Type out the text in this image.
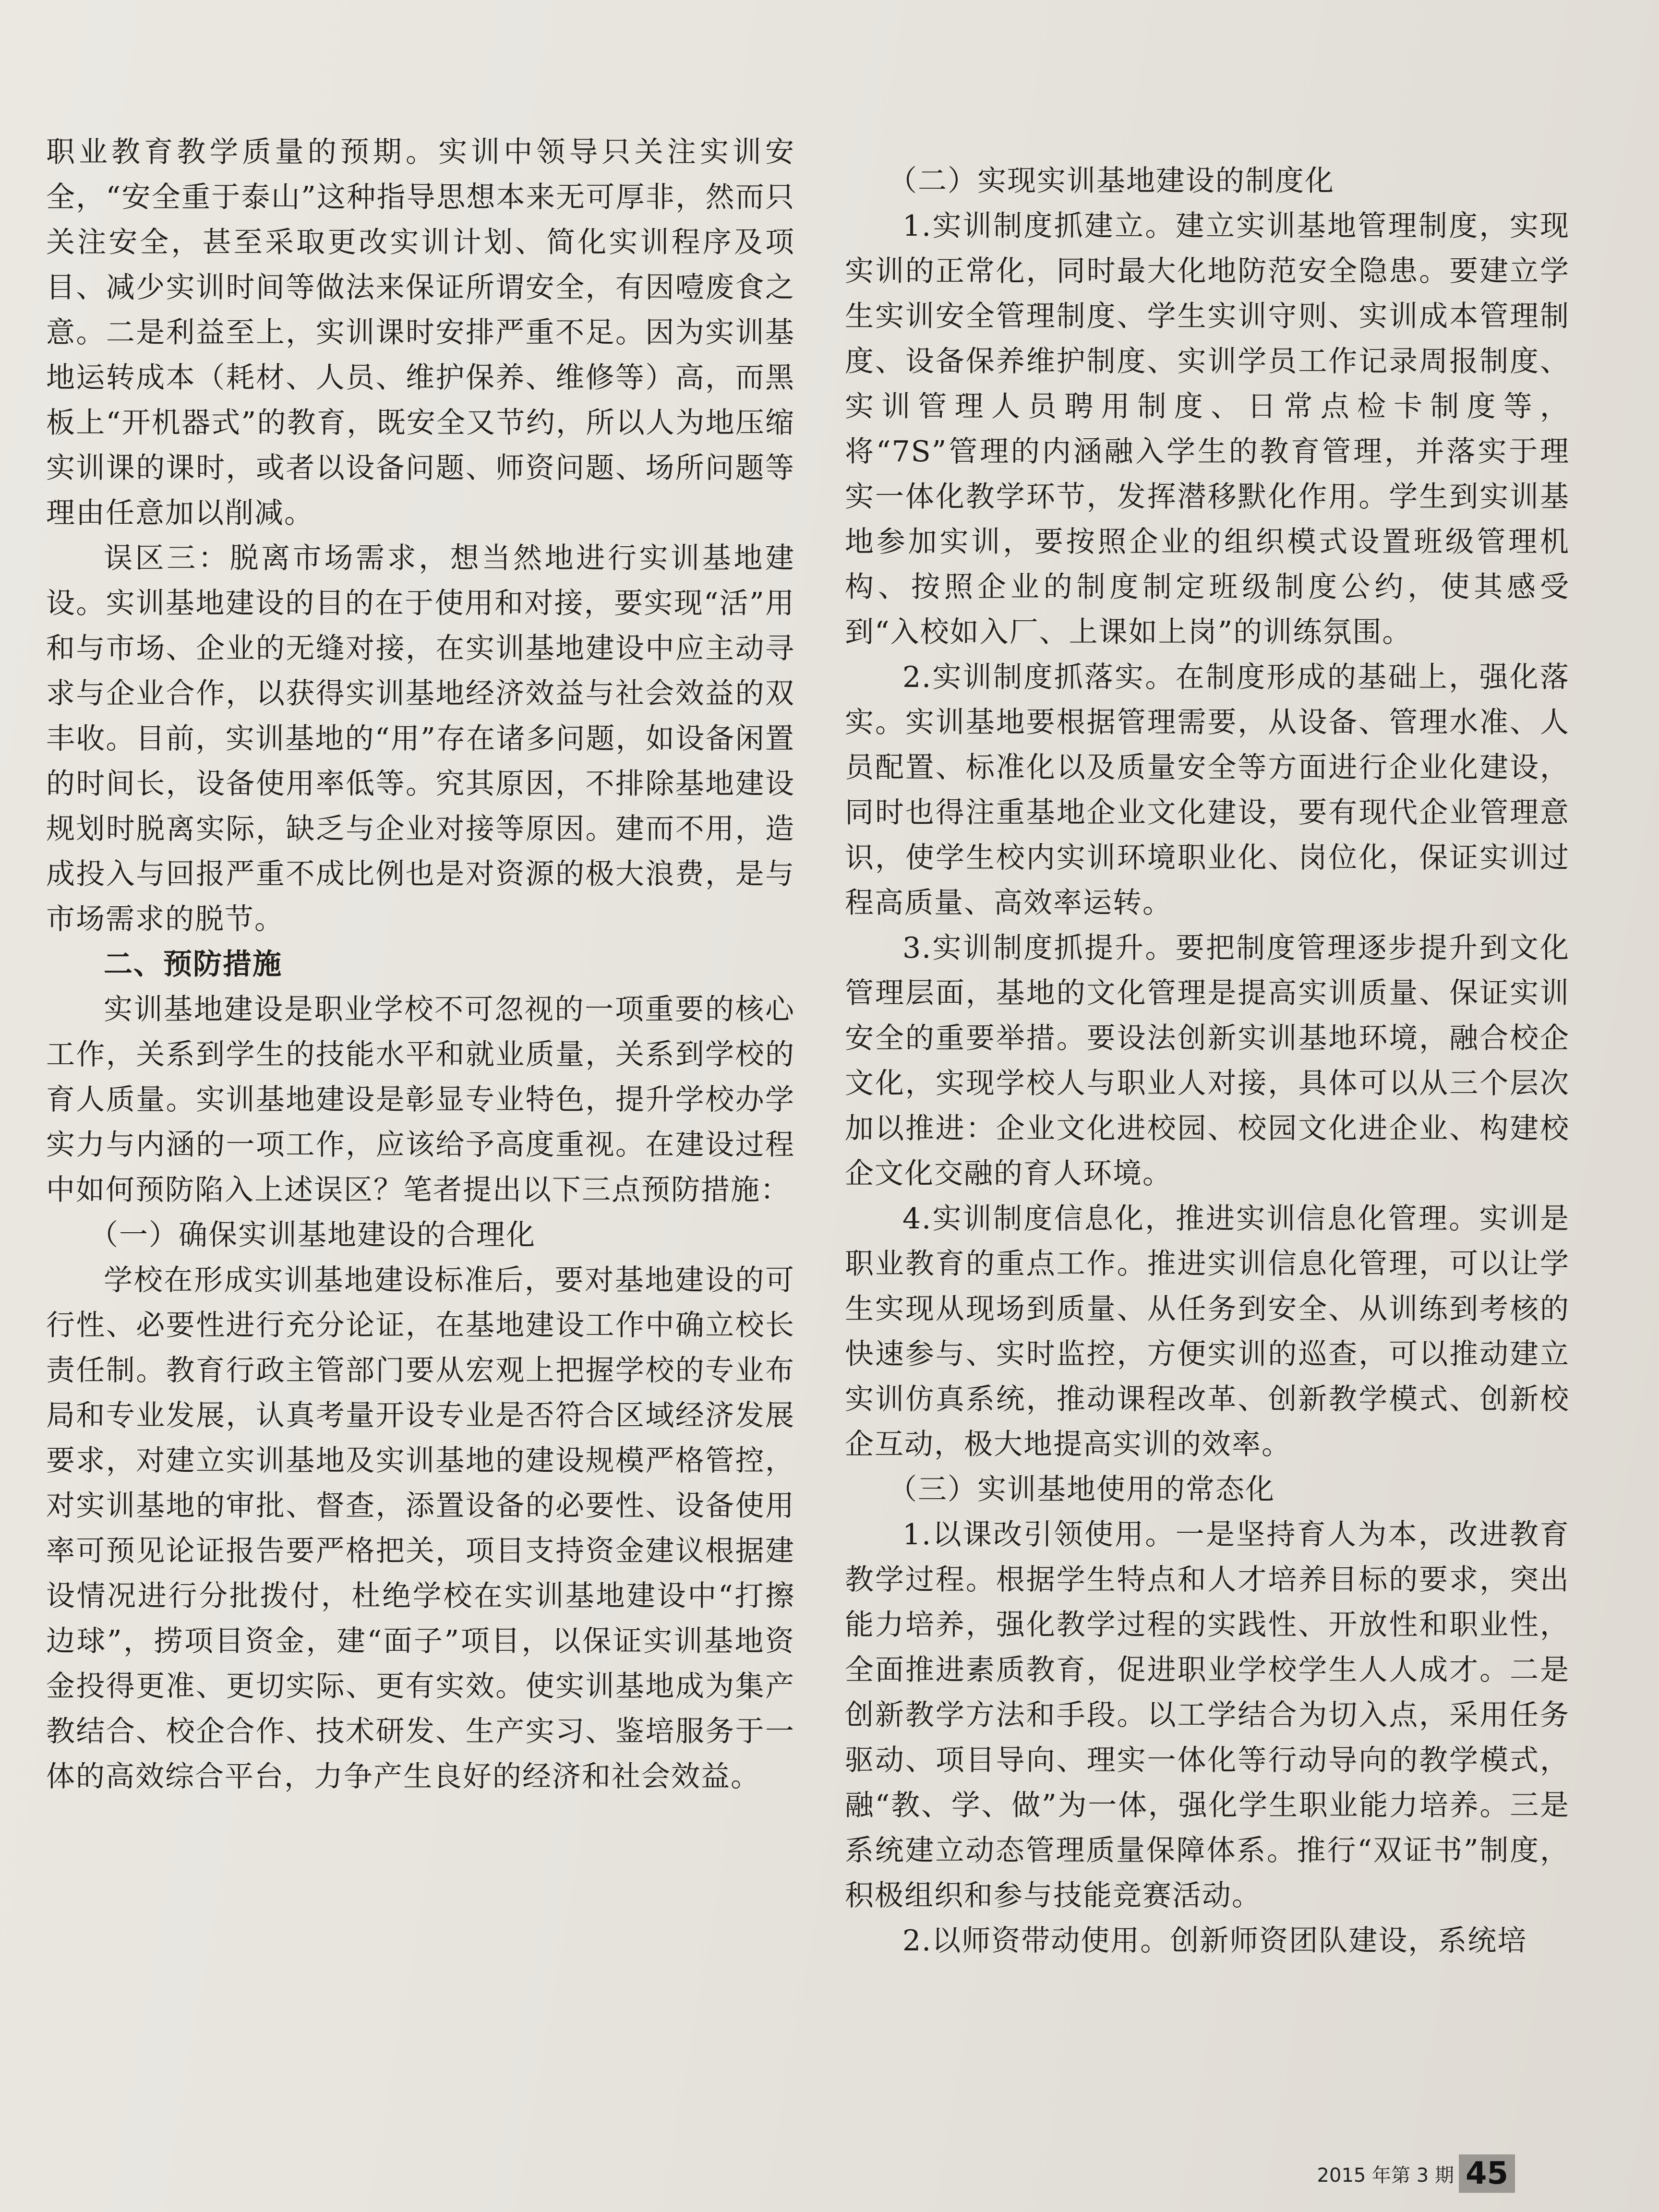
职业教育教学质量的预期。实训中领导只关注实训安全，“安全重于泰山”这种指导思想本来无可厚非，然而只关注安全，甚至采取更改实训计划、简化实训程序及项目、减少实训时间等做法来保证所谓安全，有因噎废食之意。二是利益至上，实训课时安排严重不足。因为实训基地运转成本（耗材、人员、维护保养、维修等）高，而黑板上“开机器式”的教育，既安全又节约，所以人为地压缩实训课的课时，或者以设备问题、师资问题、场所问题等理由任意加以削减。

误区三：脱离市场需求，想当然地进行实训基地建设。实训基地建设的目的在于使用和对接，要实现“活”用和与市场、企业的无缝对接，在实训基地建设中应主动寻求与企业合作，以获得实训基地经济效益与社会效益的双丰收。目前，实训基地的“用”存在诸多问题，如设备闲置的时间长，设备使用率低等。究其原因，不排除基地建设规划时脱离实际，缺乏与企业对接等原因。建而不用，造成投入与回报严重不成比例也是对资源的极大浪费，是与市场需求的脱节。

二、预防措施

实训基地建设是职业学校不可忽视的一项重要的核心工作，关系到学生的技能水平和就业质量，关系到学校的育人质量。实训基地建设是彰显专业特色，提升学校办学实力与内涵的一项工作，应该给予高度重视。在建设过程中如何预防陷入上述误区？笔者提出以下三点预防措施：

（一）确保实训基地建设的合理化

学校在形成实训基地建设标准后，要对基地建设的可行性、必要性进行充分论证，在基地建设工作中确立校长责任制。教育行政主管部门要从宏观上把握学校的专业布局和专业发展，认真考量开设专业是否符合区域经济发展要求，对建立实训基地及实训基地的建设规模严格管控，对实训基地的审批、督查，添置设备的必要性、设备使用率可预见论证报告要严格把关，项目支持资金建议根据建设情况进行分批拨付，杜绝学校在实训基地建设中“打擦边球”，捞项目资金，建“面子”项目，以保证实训基地资金投得更准、更切实际、更有实效。使实训基地成为集产教结合、校企合作、技术研发、生产实习、鉴培服务于一体的高效综合平台，力争产生良好的经济和社会效益。

（二）实现实训基地建设的制度化

1.实训制度抓建立。建立实训基地管理制度，实现实训的正常化，同时最大化地防范安全隐患。要建立学生实训安全管理制度、学生实训守则、实训成本管理制度、设备保养维护制度、实训学员工作记录周报制度、实训管理人员聘用制度、日常点检卡制度等，将“7S”管理的内涵融入学生的教育管理，并落实于理实一体化教学环节，发挥潜移默化作用。学生到实训基地参加实训，要按照企业的组织模式设置班级管理机构、按照企业的制度制定班级制度公约，使其感受到“入校如入厂、上课如上岗”的训练氛围。

2.实训制度抓落实。在制度形成的基础上，强化落实。实训基地要根据管理需要，从设备、管理水准、人员配置、标准化以及质量安全等方面进行企业化建设，同时也得注重基地企业文化建设，要有现代企业管理意识，使学生校内实训环境职业化、岗位化，保证实训过程高质量、高效率运转。

3.实训制度抓提升。要把制度管理逐步提升到文化管理层面，基地的文化管理是提高实训质量、保证实训安全的重要举措。要设法创新实训基地环境，融合校企文化，实现学校人与职业人对接，具体可以从三个层次加以推进：企业文化进校园、校园文化进企业、构建校企文化交融的育人环境。

4.实训制度信息化，推进实训信息化管理。实训是职业教育的重点工作。推进实训信息化管理，可以让学生实现从现场到质量、从任务到安全、从训练到考核的快速参与、实时监控，方便实训的巡查，可以推动建立实训仿真系统，推动课程改革、创新教学模式、创新校企互动，极大地提高实训的效率。

（三）实训基地使用的常态化

1.以课改引领使用。一是坚持育人为本，改进教育教学过程。根据学生特点和人才培养目标的要求，突出能力培养，强化教学过程的实践性、开放性和职业性，全面推进素质教育，促进职业学校学生人人成才。二是创新教学方法和手段。以工学结合为切入点，采用任务驱动、项目导向、理实一体化等行动导向的教学模式，融“教、学、做”为一体，强化学生职业能力培养。三是系统建立动态管理质量保障体系。推行“双证书”制度，积极组织和参与技能竞赛活动。

2.以师资带动使用。创新师资团队建设，系统培

2015 年第 3 期 45
